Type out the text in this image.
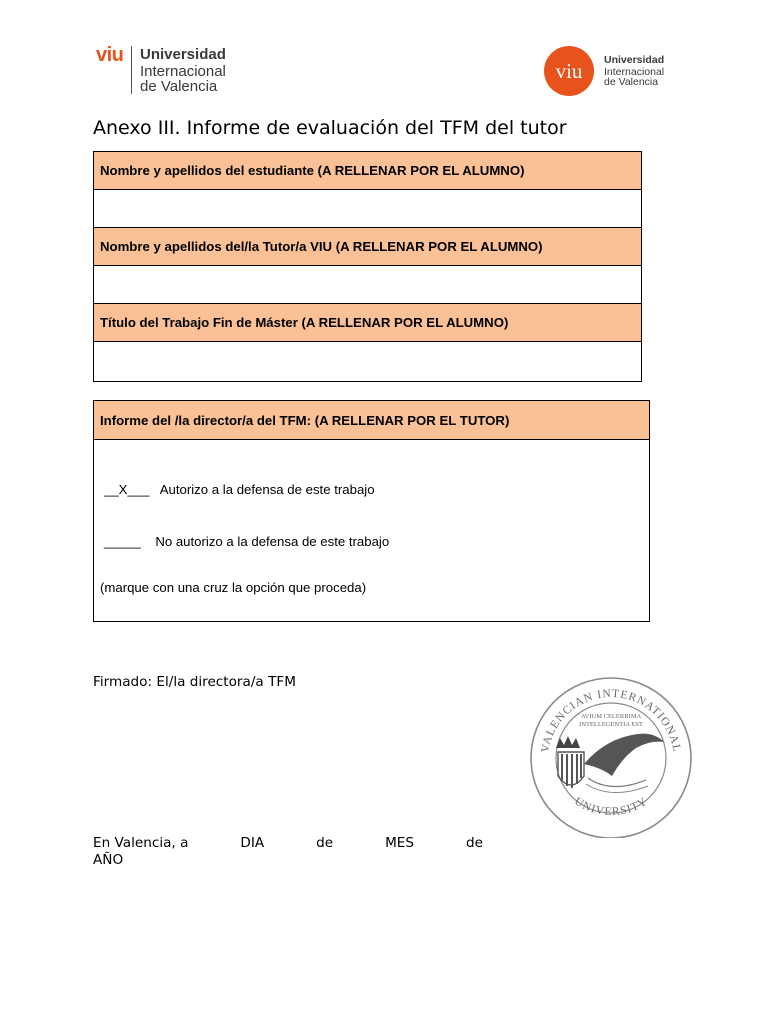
viu Universidad
Internacional
de Valencia
viu Universidad
Internacional
de Valencia
Anexo III. Informe de evaluación del TFM del tutor
Nombre y apellidos del estudiante (A RELLENAR POR EL ALUMNO)
Nombre y apellidos del/la Tutor/a VIU (A RELLENAR POR EL ALUMNO)
Título del Trabajo Fin de Máster (A RELLENAR POR EL ALUMNO)
Informe del /la director/a del TFM: (A RELLENAR POR EL TUTOR)
__X___   Autorizo a la defensa de este trabajo
_____    No autorizo a la defensa de este trabajo
(marque con una cruz la opción que proceda)
Firmado: El/la directora/a TFM
VALENCIAN INTERNATIONAL
UNIVERSITY
AVIUM CELERRIMA
INTELLEGENTIA EST
En Valencia, a	DIA	de	MES	de
AÑO
